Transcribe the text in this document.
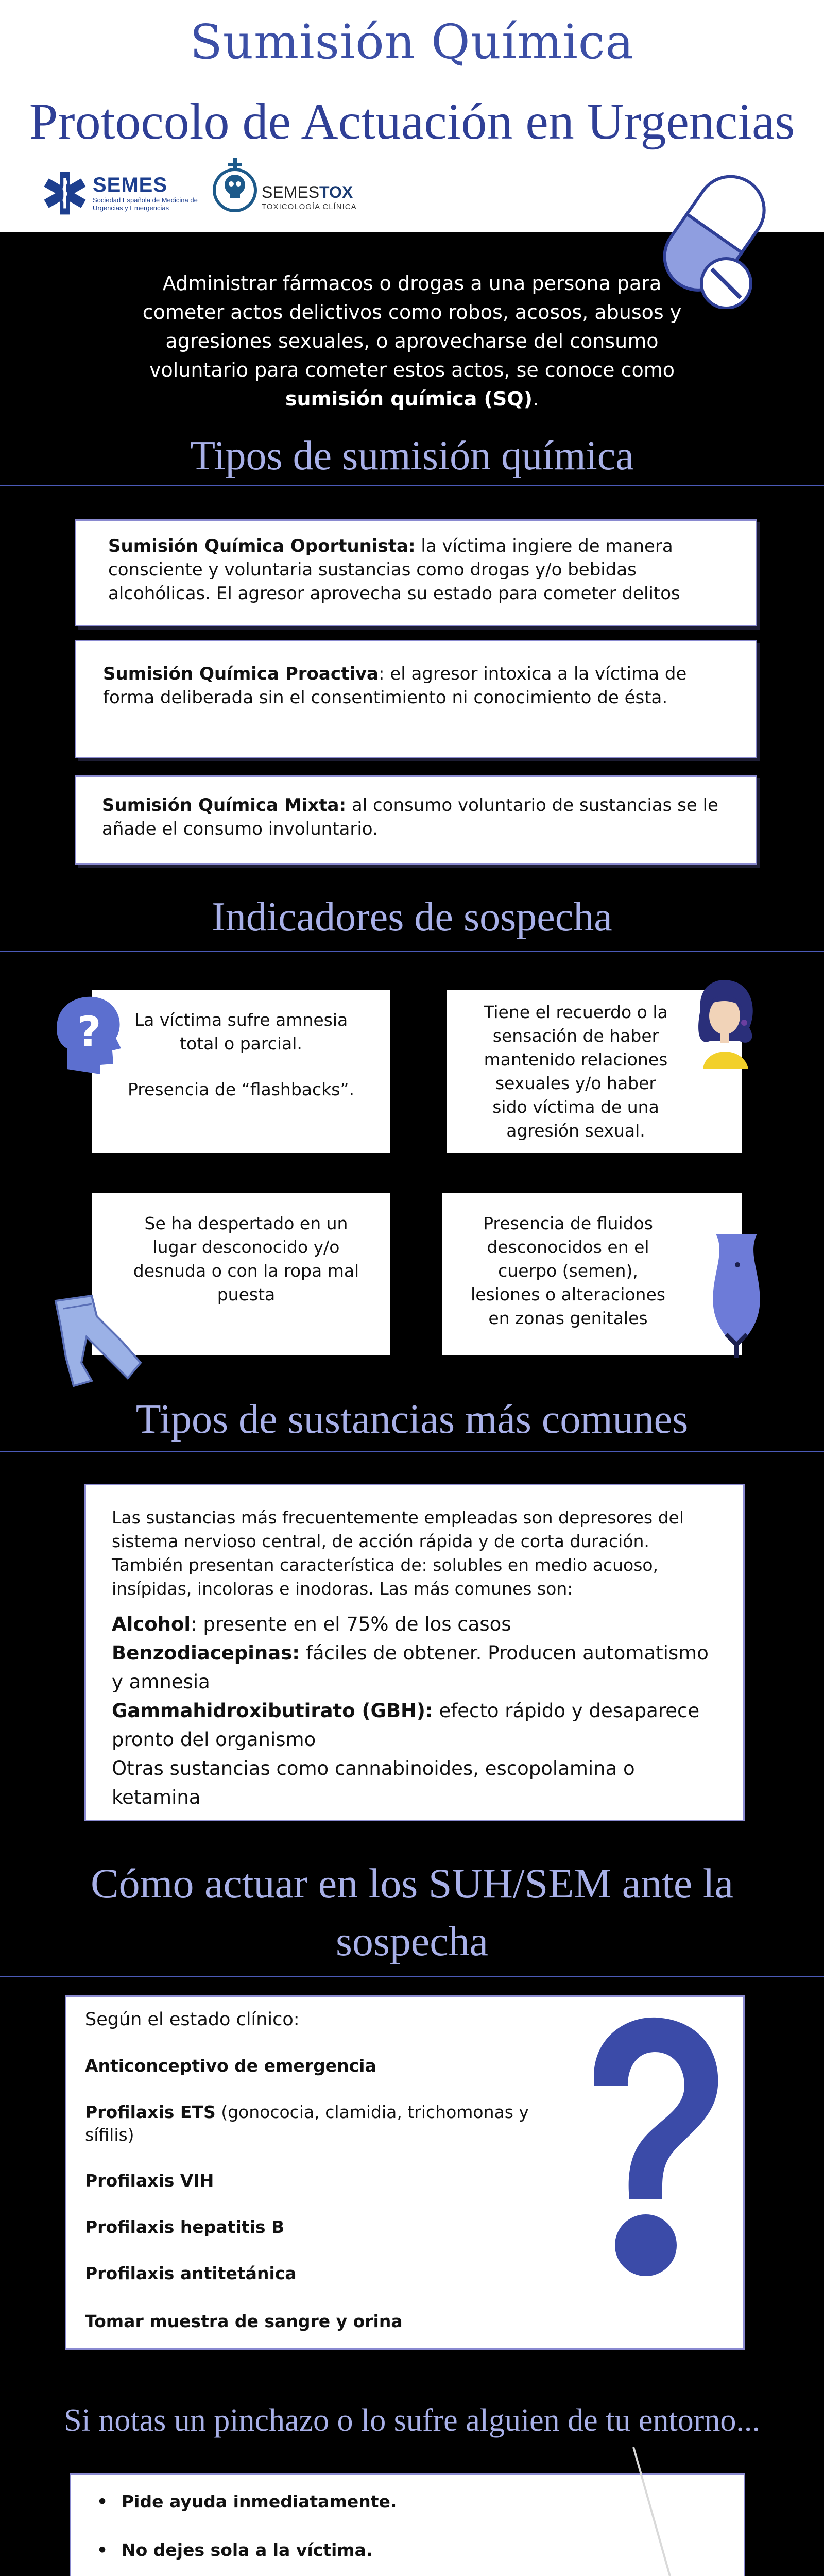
Sumisión Química
Protocolo de Actuación en Urgencias
SEMES
Sociedad Española de Medicina de Urgencias y Emergencias
SEMESTOX
TOXICOLOGÍA CLÍNICA
Administrar fármacos o drogas a una persona para cometer actos delictivos como robos, acosos, abusos y agresiones sexuales, o aprovecharse del consumo voluntario para cometer estos actos, se conoce como sumisión química (SQ).
Tipos de sumisión química
Sumisión Química Oportunista: la víctima ingiere de manera consciente y voluntaria sustancias como drogas y/o bebidas alcohólicas. El agresor aprovecha su estado para cometer delitos
Sumisión Química Proactiva: el agresor intoxica a la víctima de forma deliberada sin el consentimiento ni conocimiento de ésta.
Sumisión Química Mixta: al consumo voluntario de sustancias se le añade el consumo involuntario.
Indicadores de sospecha
La víctima sufre amnesia total o parcial.
Presencia de “flashbacks”.
?	Tiene el recuerdo o la sensación de haber mantenido relaciones sexuales y/o haber sido víctima de una agresión sexual.
Se ha despertado en un lugar desconocido y/o desnuda o con la ropa mal puesta
Presencia de fluidos desconocidos en el cuerpo (semen), lesiones o alteraciones en zonas genitales
Tipos de sustancias más comunes
Las sustancias más frecuentemente empleadas son depresores del sistema nervioso central, de acción rápida y de corta duración. También presentan característica de: solubles en medio acuoso, insípidas, incoloras e inodoras. Las más comunes son:
Alcohol: presente en el 75% de los casos
Benzodiacepinas: fáciles de obtener. Producen automatismo y amnesia
Gammahidroxibutirato (GBH): efecto rápido y desaparece pronto del organismo
Otras sustancias como cannabinoides, escopolamina o ketamina
Cómo actuar en los SUH/SEM ante la
sospecha
Según el estado clínico:
Anticonceptivo de emergencia
Profilaxis ETS (gonococia, clamidia, trichomonas y sífilis)
Profilaxis VIH
Profilaxis hepatitis B
Profilaxis antitetánica
Tomar muestra de sangre y orina
Si notas un pinchazo o lo sufre alguien de tu entorno...
• Pide ayuda inmediatamente.
• No dejes sola a la víctima.
